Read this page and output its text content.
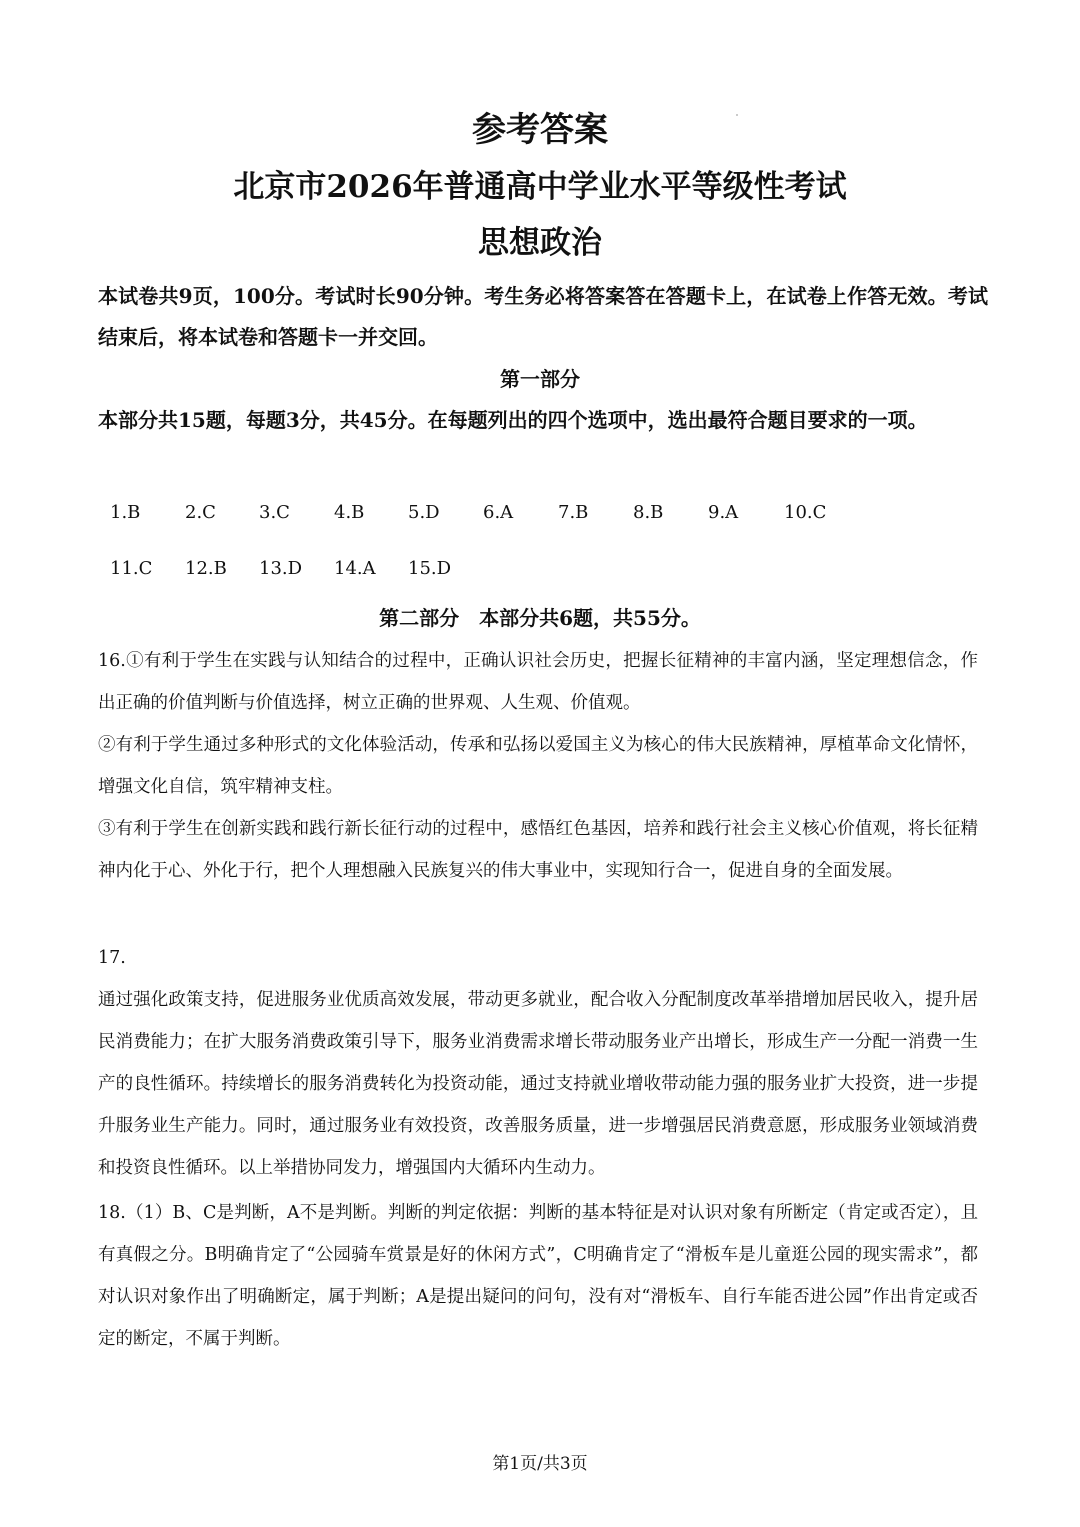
参考答案
北京市2026年普通高中学业水平等级性考试
思想政治
本试卷共9页，100分。考试时长90分钟。考生务必将答案答在答题卡上，在试卷上作答无效。考试结束后，将本试卷和答题卡一并交回。
第一部分
本部分共15题，每题3分，共45分。在每题列出的四个选项中，选出最符合题目要求的一项。
1.B 2.C 3.C 4.B 5.D 6.A 7.B 8.B 9.A	10.C
11.C 12.B 13.D 14.A 15.D
第二部分　本部分共6题，共55分。

16.①有利于学生在实践与认知结合的过程中，正确认识社会历史，把握长征精神的丰富内涵，坚定理想信念，作出正确的价值判断与价值选择，树立正确的世界观、人生观、价值观。

②有利于学生通过多种形式的文化体验活动，传承和弘扬以爱国主义为核心的伟大民族精神，厚植革命文化情怀，增强文化自信，筑牢精神支柱。

③有利于学生在创新实践和践行新长征行动的过程中，感悟红色基因，培养和践行社会主义核心价值观，将长征精神内化于心、外化于行，把个人理想融入民族复兴的伟大事业中，实现知行合一，促进自身的全面发展。

17.

通过强化政策支持，促进服务业优质高效发展，带动更多就业，配合收入分配制度改革举措增加居民收入，提升居民消费能力；在扩大服务消费政策引导下，服务业消费需求增长带动服务业产出增长，形成生产一分配一消费一生产的良性循环。持续增长的服务消费转化为投资动能，通过支持就业增收带动能力强的服务业扩大投资，进一步提升服务业生产能力。同时，通过服务业有效投资，改善服务质量，进一步增强居民消费意愿，形成服务业领域消费和投资良性循环。以上举措协同发力，增强国内大循环内生动力。

18.（1）B、C是判断，A不是判断。判断的判定依据：判断的基本特征是对认识对象有所断定（肯定或否定），且有真假之分。B明确肯定了“公园骑车赏景是好的休闲方式”，C明确肯定了“滑板车是儿童逛公园的现实需求”，都对认识对象作出了明确断定，属于判断；A是提出疑问的问句，没有对“滑板车、自行车能否进公园”作出肯定或否定的断定，不属于判断。

第1页/共3页
